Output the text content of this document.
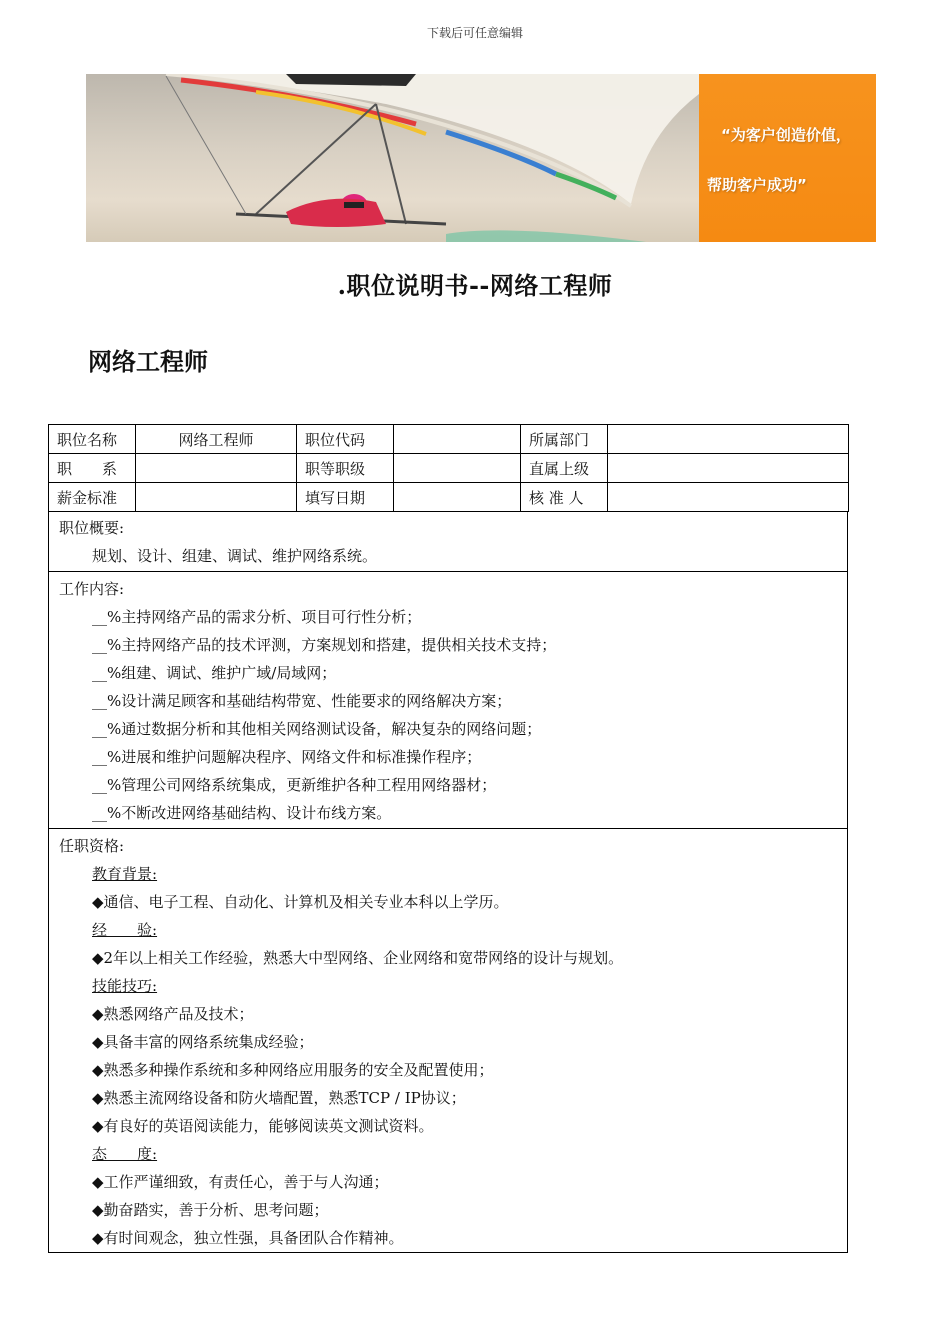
下载后可任意编辑
“为客户创造价值，
帮助客户成功”
.职位说明书--网络工程师
网络工程师
职位名称	网络工程师	职位代码		所属部门	
职　　系		职等职级		直属上级	
薪金标准		填写日期		核 准 人	
职位概要:
规划、设计、组建、调试、维护网络系统。
工作内容:
__%主持网络产品的需求分析、项目可行性分析；
__%主持网络产品的技术评测，方案规划和搭建，提供相关技术支持；
__%组建、调试、维护广域/局域网；
__%设计满足顾客和基础结构带宽、性能要求的网络解决方案；
__%通过数据分析和其他相关网络测试设备，解决复杂的网络问题；
__%进展和维护问题解决程序、网络文件和标准操作程序；
__%管理公司网络系统集成，更新维护各种工程用网络器材；
__%不断改进网络基础结构、设计布线方案。
任职资格:
教育背景:
◆通信、电子工程、自动化、计算机及相关专业本科以上学历。
经　　验:
◆2年以上相关工作经验，熟悉大中型网络、企业网络和宽带网络的设计与规划。
技能技巧:
◆熟悉网络产品及技术；
◆具备丰富的网络系统集成经验；
◆熟悉多种操作系统和多种网络应用服务的安全及配置使用；
◆熟悉主流网络设备和防火墙配置，熟悉TCP / IP协议；
◆有良好的英语阅读能力，能够阅读英文测试资料。
态　　度:
◆工作严谨细致，有责任心，善于与人沟通；
◆勤奋踏实，善于分析、思考问题；
◆有时间观念，独立性强，具备团队合作精神。
